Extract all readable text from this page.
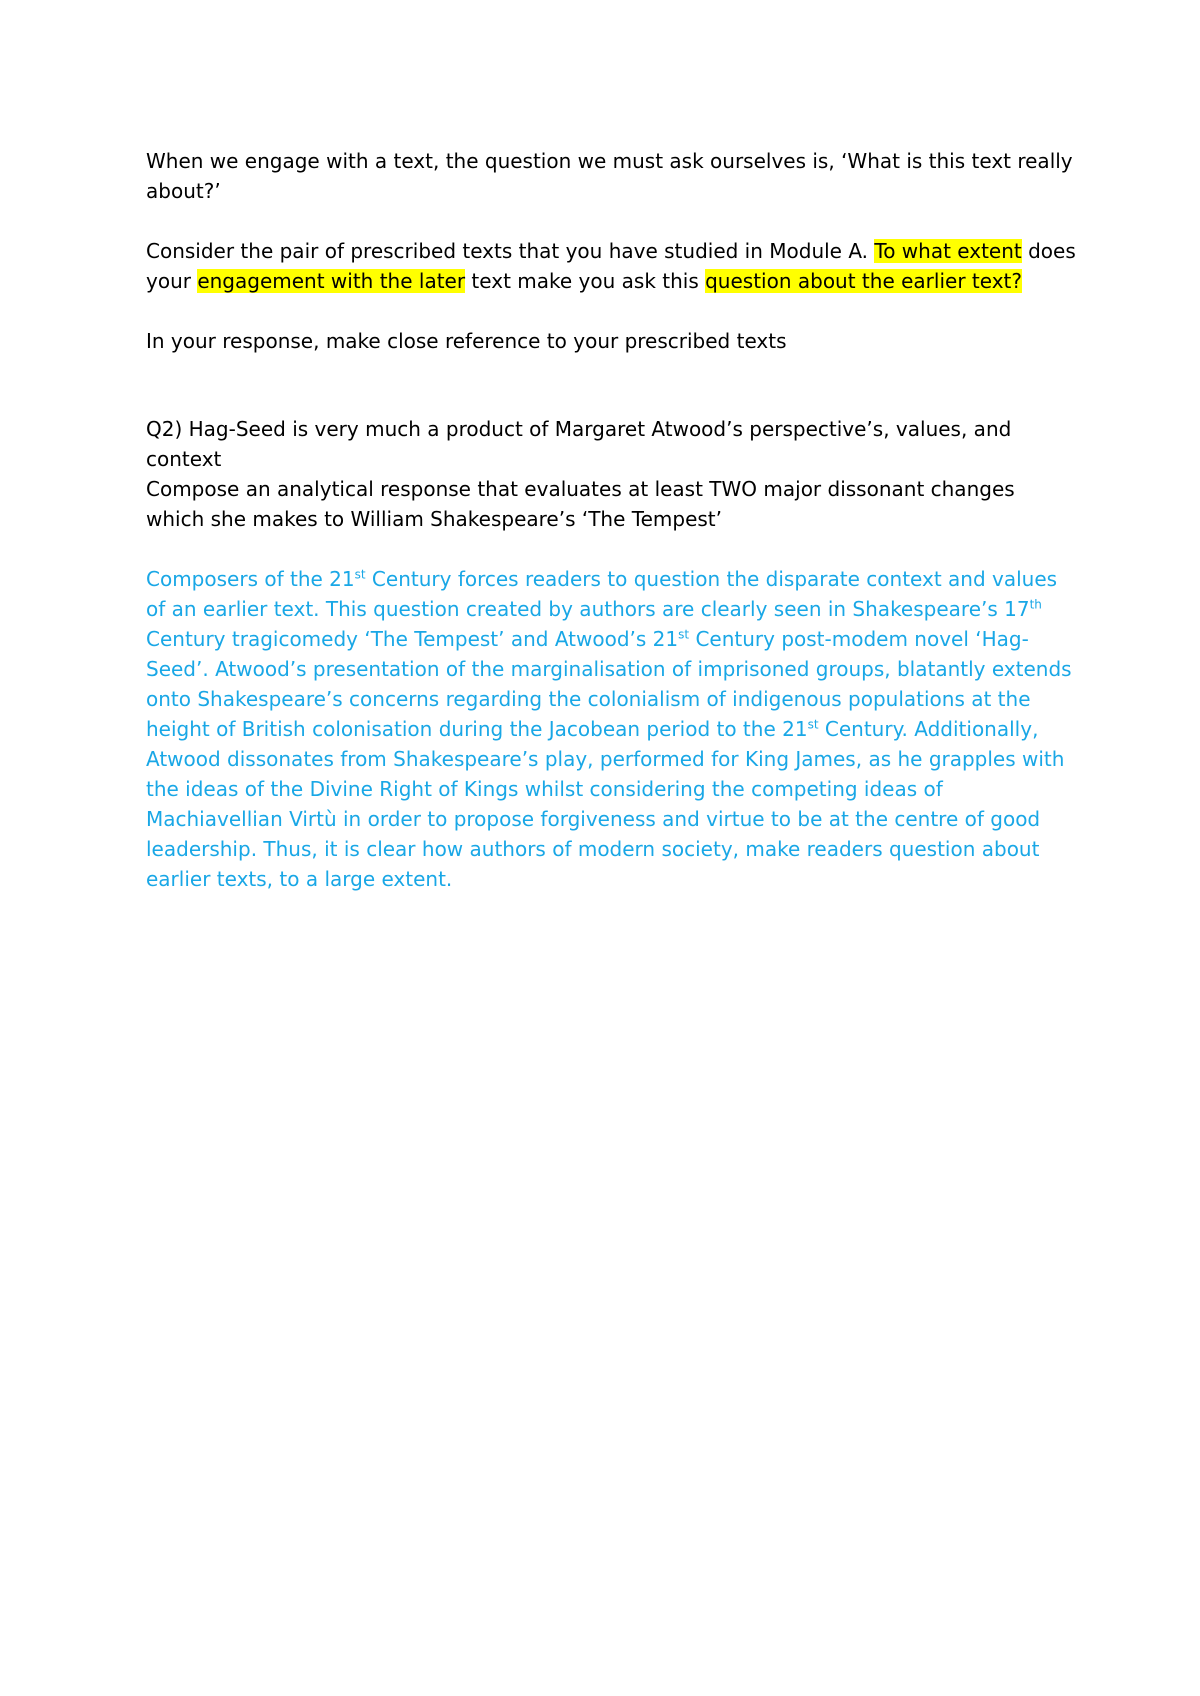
When we engage with a text, the question we must ask ourselves is, ‘What is this text really about?’

Consider the pair of prescribed texts that you have studied in Module A. To what extent does your engagement with the later text make you ask this question about the earlier text?

In your response, make close reference to your prescribed texts

Q2) Hag-Seed is very much a product of Margaret Atwood’s perspective’s, values, and context

Compose an analytical response that evaluates at least TWO major dissonant changes which she makes to William Shakespeare’s ‘The Tempest’

Composers of the 21st Century forces readers to question the disparate context and values of an earlier text. This question created by authors are clearly seen in Shakespeare’s 17th Century tragicomedy ‘The Tempest’ and Atwood’s 21st Century post-modem novel ‘Hag-Seed’. Atwood’s presentation of the marginalisation of imprisoned groups, blatantly extends onto Shakespeare’s concerns regarding the colonialism of indigenous populations at the height of British colonisation during the Jacobean period to the 21st Century. Additionally, Atwood dissonates from Shakespeare’s play, performed for King James, as he grapples with the ideas of the Divine Right of Kings whilst considering the competing ideas of Machiavellian Virtù in order to propose forgiveness and virtue to be at the centre of good leadership. Thus, it is clear how authors of modern society, make readers question about earlier texts, to a large extent.
